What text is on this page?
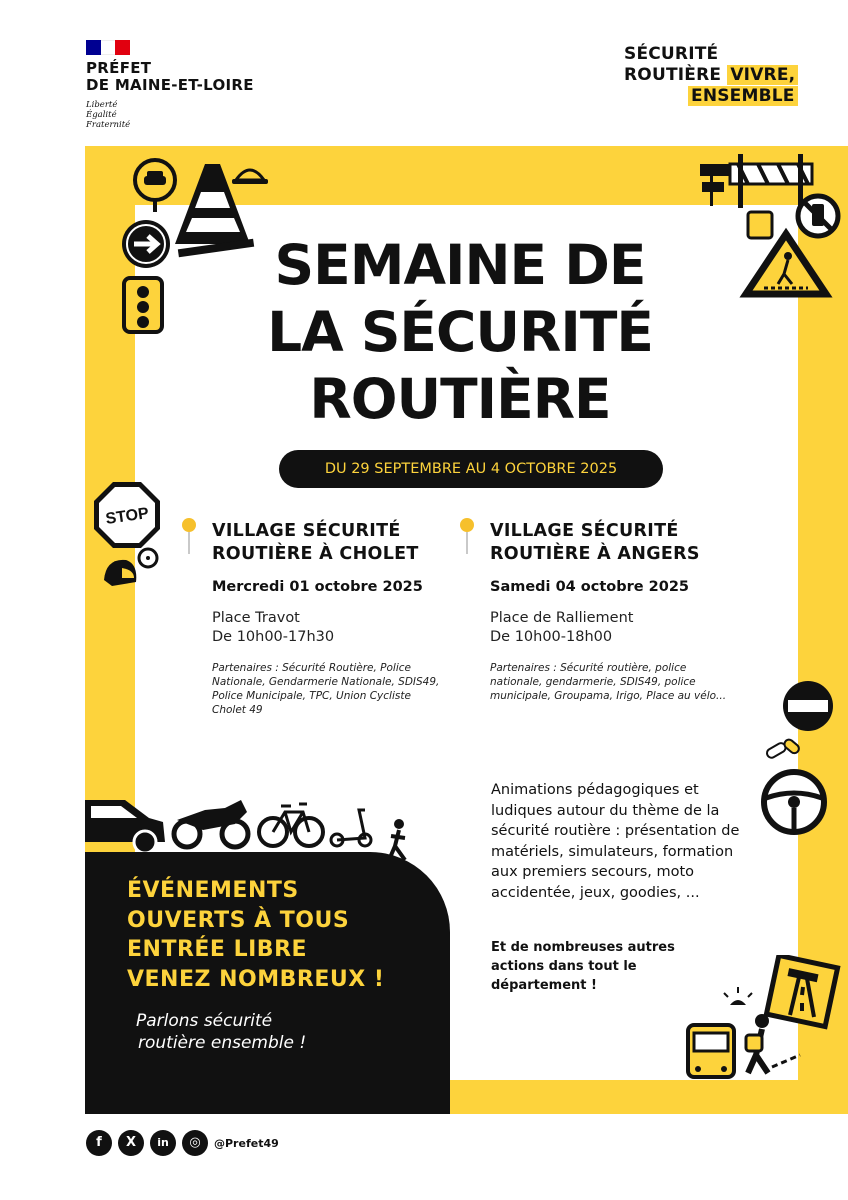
PRÉFET
DE MAINE-ET-LOIRE
Liberté
Égalité
Fraternité
SÉCURITÉ
ROUTIÈRE VIVRE,
ENSEMBLE
SEMAINE DE
LA SÉCURITÉ
ROUTIÈRE
DU 29 SEPTEMBRE AU 4 OCTOBRE 2025
STOP
VILLAGE SÉCURITÉ
ROUTIÈRE À CHOLET
Mercredi 01 octobre 2025
Place Travot
De 10h00-17h30
Partenaires : Sécurité Routière, Police Nationale, Gendarmerie Nationale, SDIS49, Police Municipale, TPC, Union Cycliste Cholet 49
VILLAGE SÉCURITÉ
ROUTIÈRE À ANGERS
Samedi 04 octobre 2025
Place de Ralliement
De 10h00-18h00
Partenaires : Sécurité routière, police nationale, gendarmerie, SDIS49, police municipale, Groupama, Irigo, Place au vélo...
ÉVÉNEMENTS
OUVERTS À TOUS
ENTRÉE LIBRE
VENEZ NOMBREUX !
Parlons sécurité
routière ensemble !
Animations pédagogiques et ludiques autour du thème de la sécurité routière : présentation de matériels, simulateurs, formation aux premiers secours, moto accidentée, jeux, goodies, ...
Et de nombreuses autres actions dans tout le département !
f	X	in	◎	@Prefet49
